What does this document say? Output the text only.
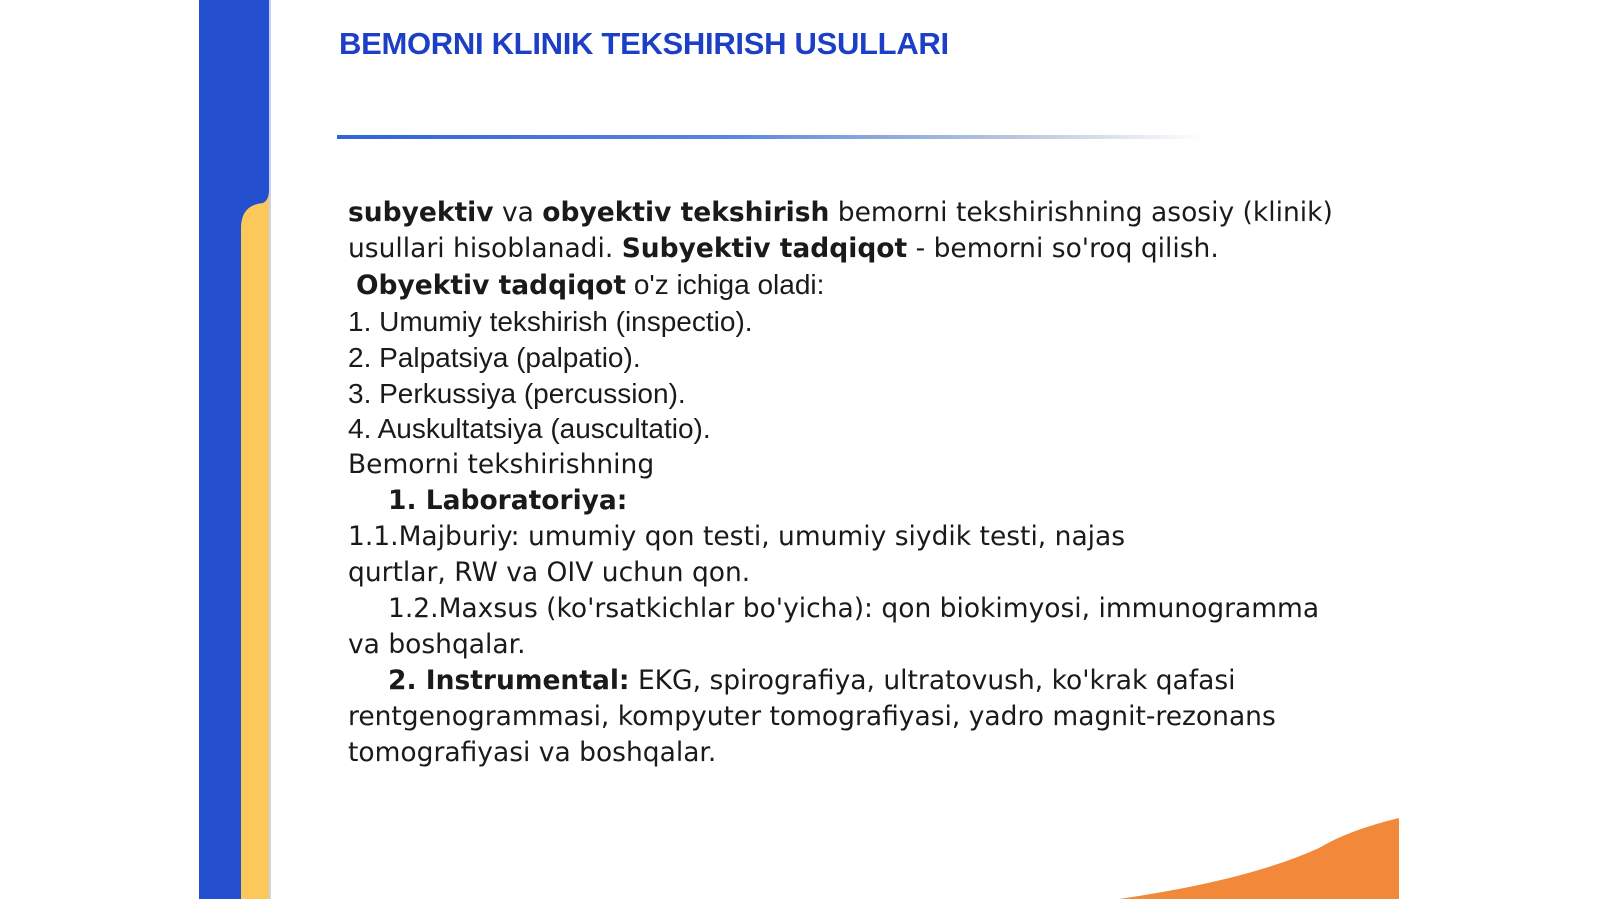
BEMORNI KLINIK TEKSHIRISH USULLARI
subyektiv va obyektiv tekshirish bemorni tekshirishning asosiy (klinik)
usullari hisoblanadi. Subyektiv tadqiqot - bemorni so'roq qilish.
Obyektiv tadqiqot o'z ichiga oladi:
1. Umumiy tekshirish (inspectio).
2. Palpatsiya (palpatio).
3. Perkussiya (percussion).
4. Auskultatsiya (auscultatio).
Bemorni tekshirishning
1. Laboratoriya:
1.1.Majburiy: umumiy qon testi, umumiy siydik testi, najas
qurtlar, RW va OIV uchun qon.
1.2.Maxsus (ko'rsatkichlar bo'yicha): qon biokimyosi, immunogramma
va boshqalar.
2. Instrumental: EKG, spirografiya, ultratovush, ko'krak qafasi
rentgenogrammasi, kompyuter tomografiyasi, yadro magnit-rezonans
tomografiyasi va boshqalar.
